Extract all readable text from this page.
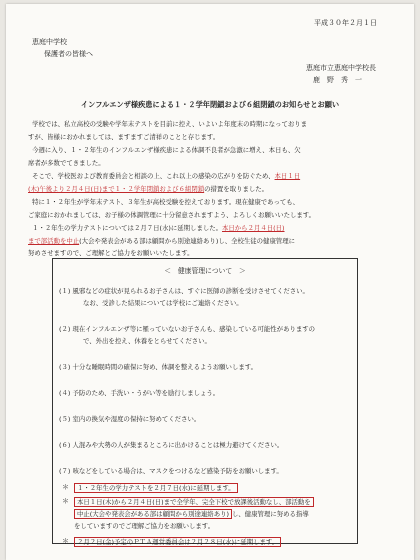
平成３０年２月１日
恵庭中学校
保護者の皆様へ
恵庭市立恵庭中学校長
鹿　野　秀　一
インフルエンザ様疾患による１・２学年閉鎖および６組閉鎖のお知らせとお願い
学校では、私立高校の受験や学年末テストを目前に控え、いよいよ年度末の時期になっておりま
すが、皆様におかれましては、ますますご清祥のことと存じます。
今週に入り、１・２年生のインフルエンザ様疾患による体調不良者が急激に増え、本日も、欠
席者が多数でてきました。
そこで、学校医および教育委員会と相談の上、これ以上の感染の広がりを防ぐため、本日１日
(木)午後より２月４日(日)まで１・２学年閉鎖および６組閉鎖の措置を取りました。
特に１・２年生が学年末テスト、３年生が高校受験を控えております。現在健康であっても、
ご家庭におかれましては、お子様の体調管理に十分留意されますよう、よろしくお願いいたします。
１・２年生の学力テストについては２月７日(水)に延期しました。本日から２月４日(日)
まで部活動を中止(大会や発表会がある部は顧問から別途連絡あり)し、全校生徒の健康管理に
努めさせますので、ご理解とご協力をお願いいたします。
＜　健康管理について　＞
(１) 風邪などの症状が見られるお子さんは、すぐに医師の診断を受けさせてください。
なお、受診した結果については学校にご連絡ください。
(２) 現在インフルエンザ等に罹っていないお子さんも、感染している可能性がありますの
で、外出を控え、休養をとらせてください。
(３) 十分な睡眠時間の確保に努め、体調を整えるようお願いします。
(４) 予防のため、手洗い・うがい等を励行しましょう。
(５) 室内の換気や湿度の保持に努めてください。
(６) 人混みや大勢の人が集まるところに出かけることは極力避けてください。
(７) 咳などをしている場合は、マスクをつけるなど感染予防をお願いします。
＊	１・２年生の学力テストを２月７日(水)に延期します。
＊	本日１日(木)から２月４日(日)まで全学年、完全下校で放課後活動なし、部活動を
中止(大会や発表会がある部は顧問から別途連絡あり) し、健康管理に努める指導
をしていますのでご理解ご協力をお願いします。
＊	２月２日(金)予定のＰＴＡ運営委員会は２月２８日(水)に延期します。
